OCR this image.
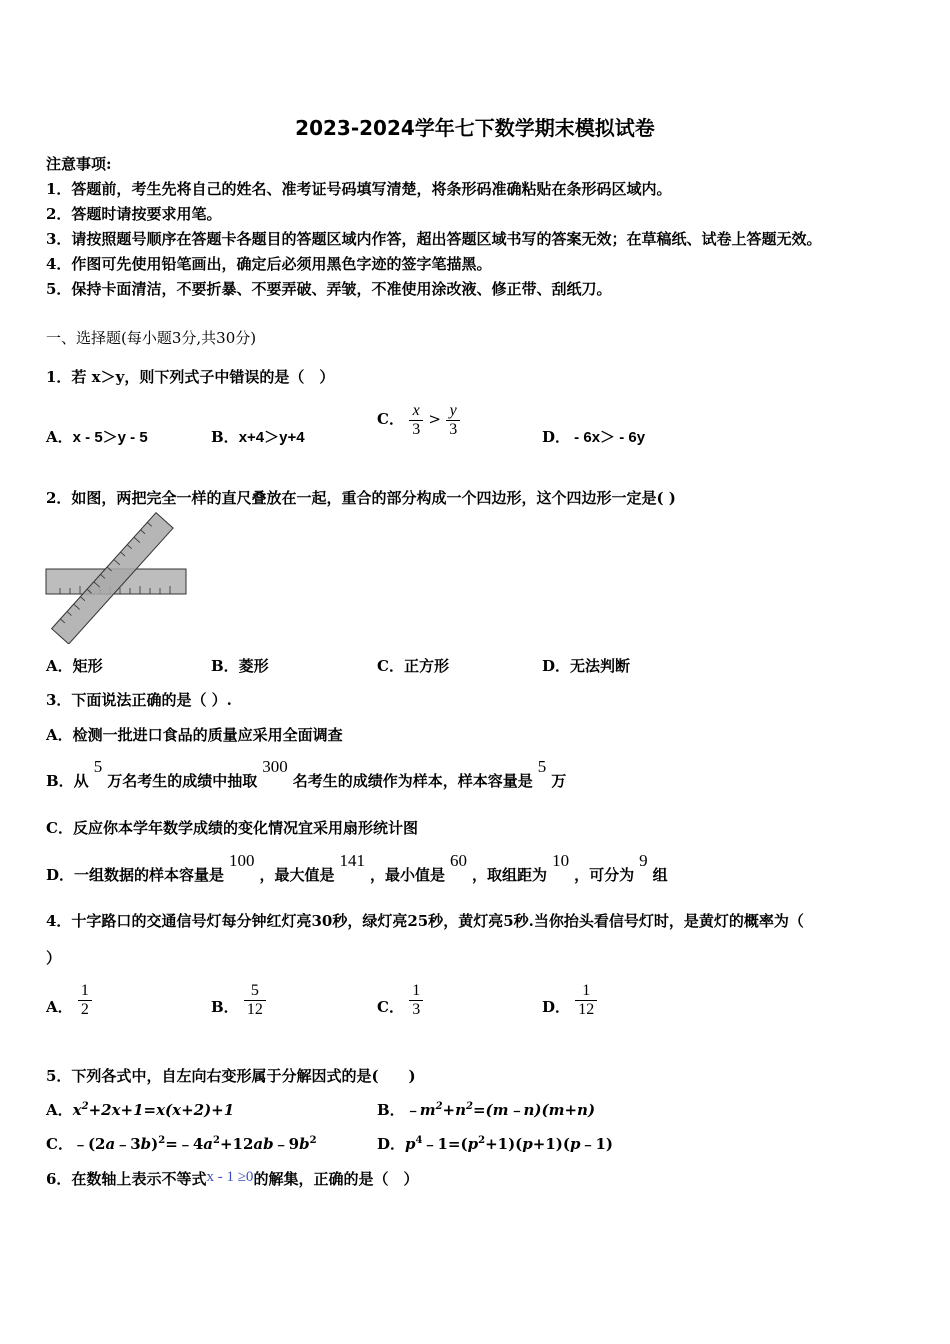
2023-2024学年七下数学期末模拟试卷
注意事项:
1．答题前，考生先将自己的姓名、准考证号码填写清楚，将条形码准确粘贴在条形码区域内。
2．答题时请按要求用笔。
3．请按照题号顺序在答题卡各题目的答题区域内作答，超出答题区域书写的答案无效；在草稿纸、试卷上答题无效。
4．作图可先使用铅笔画出，确定后必须用黑色字迹的签字笔描黑。
5．保持卡面清洁，不要折暴、不要弄破、弄皱，不准使用涂改液、修正带、刮纸刀。
一、选择题(每小题3分,共30分)
1．若 x＞y，则下列式子中错误的是（　）
A．x - 5＞y - 5	B．x+4＞y+4
C． $\frac{x}{3} > \frac{y}{3}$	D． - 6x＞ - 6y
2．如图，两把完全一样的直尺叠放在一起，重合的部分构成一个四边形，这个四边形一定是( )
A．矩形	B．菱形	C．正方形	D．无法判断
3．下面说法正确的是（ ）.
A．检测一批进口食品的质量应采用全面调查
B．从5万名考生的成绩中抽取300名考生的成绩作为样本，样本容量是5万
C．反应你本学年数学成绩的变化情况宜采用扇形统计图
D．一组数据的样本容量是100，最大值是141，最小值是60，取组距为10，可分为9组
4．十字路口的交通信号灯每分钟红灯亮30秒，绿灯亮25秒，黄灯亮5秒.当你抬头看信号灯时，是黄灯的概率为（
）
A． $\frac{1}{2}$	B． $\frac{5}{12}$	C． $\frac{1}{3}$	D． $\frac{1}{12}$
5．下列各式中，自左向右变形属于分解因式的是(　　)
A．$x^2+2x+1=x(x+2)+1$	B．$﹣m^2+n^2=(m﹣n)(m+n)$
C．$﹣(2a﹣3b)^2=﹣4a^2+12ab﹣9b^2$	D．$p^4﹣1=(p^2+1)(p+1)(p﹣1)$
6．在数轴上表示不等式x - 1 ≥0的解集，正确的是（　）
